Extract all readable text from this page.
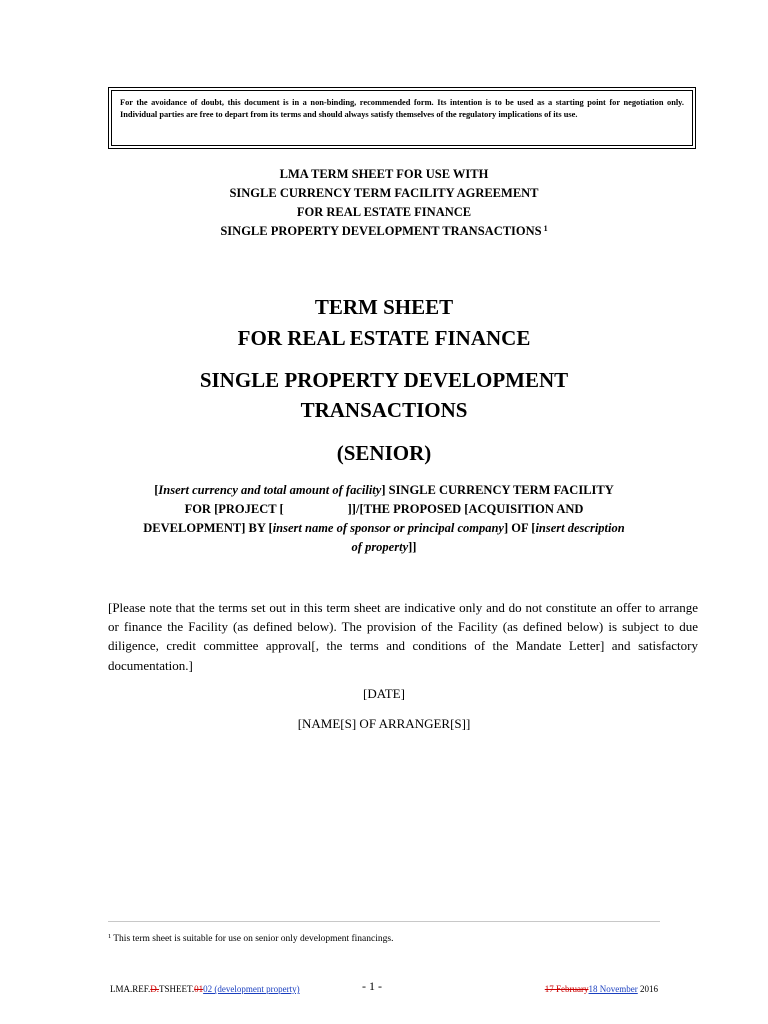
For the avoidance of doubt, this document is in a non-binding, recommended form. Its intention is to be used as a starting point for negotiation only. Individual parties are free to depart from its terms and should always satisfy themselves of the regulatory implications of its use.
LMA TERM SHEET FOR USE WITH
SINGLE CURRENCY TERM FACILITY AGREEMENT
FOR REAL ESTATE FINANCE
SINGLE PROPERTY DEVELOPMENT TRANSACTIONS $^1$
TERM SHEET
FOR REAL ESTATE FINANCE
SINGLE PROPERTY DEVELOPMENT
TRANSACTIONS
(SENIOR)
[Insert currency and total amount of facility] SINGLE CURRENCY TERM FACILITY
FOR [PROJECT [	]]/[THE PROPOSED [ACQUISITION AND
DEVELOPMENT] BY [insert name of sponsor or principal company] OF [insert description
of property]]
[Please note that the terms set out in this term sheet are indicative only and do not constitute an offer to arrange or finance the Facility (as defined below). The provision of the Facility (as defined below) is subject to due diligence, credit committee approval[, the terms and conditions of the Mandate Letter] and satisfactory documentation.]
[DATE]
[NAME[S] OF ARRANGER[S]]
$^1$ This term sheet is suitable for use on senior only development financings.
LMA.REF.D.TSHEET.0102 (development property)	- 1 -	17 February18 November 2016
